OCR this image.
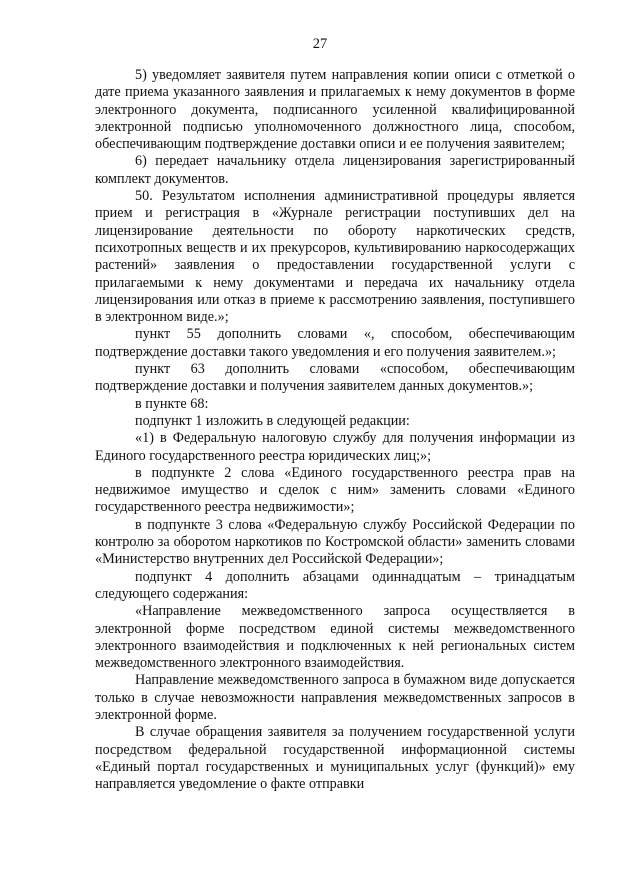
27

5) уведомляет заявителя путем направления копии описи с отметкой о дате приема указанного заявления и прилагаемых к нему документов в форме электронного документа, подписанного усиленной квалифицированной электронной подписью уполномоченного должностного лица, способом, обеспечивающим подтверждение доставки описи и ее получения заявителем;

6) передает начальнику отдела лицензирования зарегистрированный комплект документов.

50. Результатом исполнения административной процедуры является прием и регистрация в «Журнале регистрации поступивших дел на лицензирование деятельности по обороту наркотических средств, психотропных веществ и их прекурсоров, культивированию наркосодержащих растений» заявления о предоставлении государственной услуги с прилагаемыми к нему документами и передача их начальнику отдела лицензирования или отказ в приеме к рассмотрению заявления, поступившего в электронном виде.»;

пункт 55 дополнить словами «, способом, обеспечивающим подтверждение доставки такого уведомления и его получения заявителем.»;

пункт 63 дополнить словами «способом, обеспечивающим подтверждение доставки и получения заявителем данных документов.»;

в пункте 68:

подпункт 1 изложить в следующей редакции:

«1) в Федеральную налоговую службу для получения информации из Единого государственного реестра юридических лиц;»;

в подпункте 2 слова «Единого государственного реестра прав на недвижимое имущество и сделок с ним» заменить словами «Единого государственного реестра недвижимости»;

в подпункте 3 слова «Федеральную службу Российской Федерации по контролю за оборотом наркотиков по Костромской области» заменить словами «Министерство внутренних дел Российской Федерации»;

подпункт 4 дополнить абзацами одиннадцатым – тринадцатым следующего содержания:

«Направление межведомственного запроса осуществляется в электронной форме посредством единой системы межведомственного электронного взаимодействия и подключенных к ней региональных систем межведомственного электронного взаимодействия.

Направление межведомственного запроса в бумажном виде допускается только в случае невозможности направления межведомственных запросов в электронной форме.

В случае обращения заявителя за получением государственной услуги посредством федеральной государственной информационной системы «Единый портал государственных и муниципальных услуг (функций)» ему направляется уведомление о факте отправки
